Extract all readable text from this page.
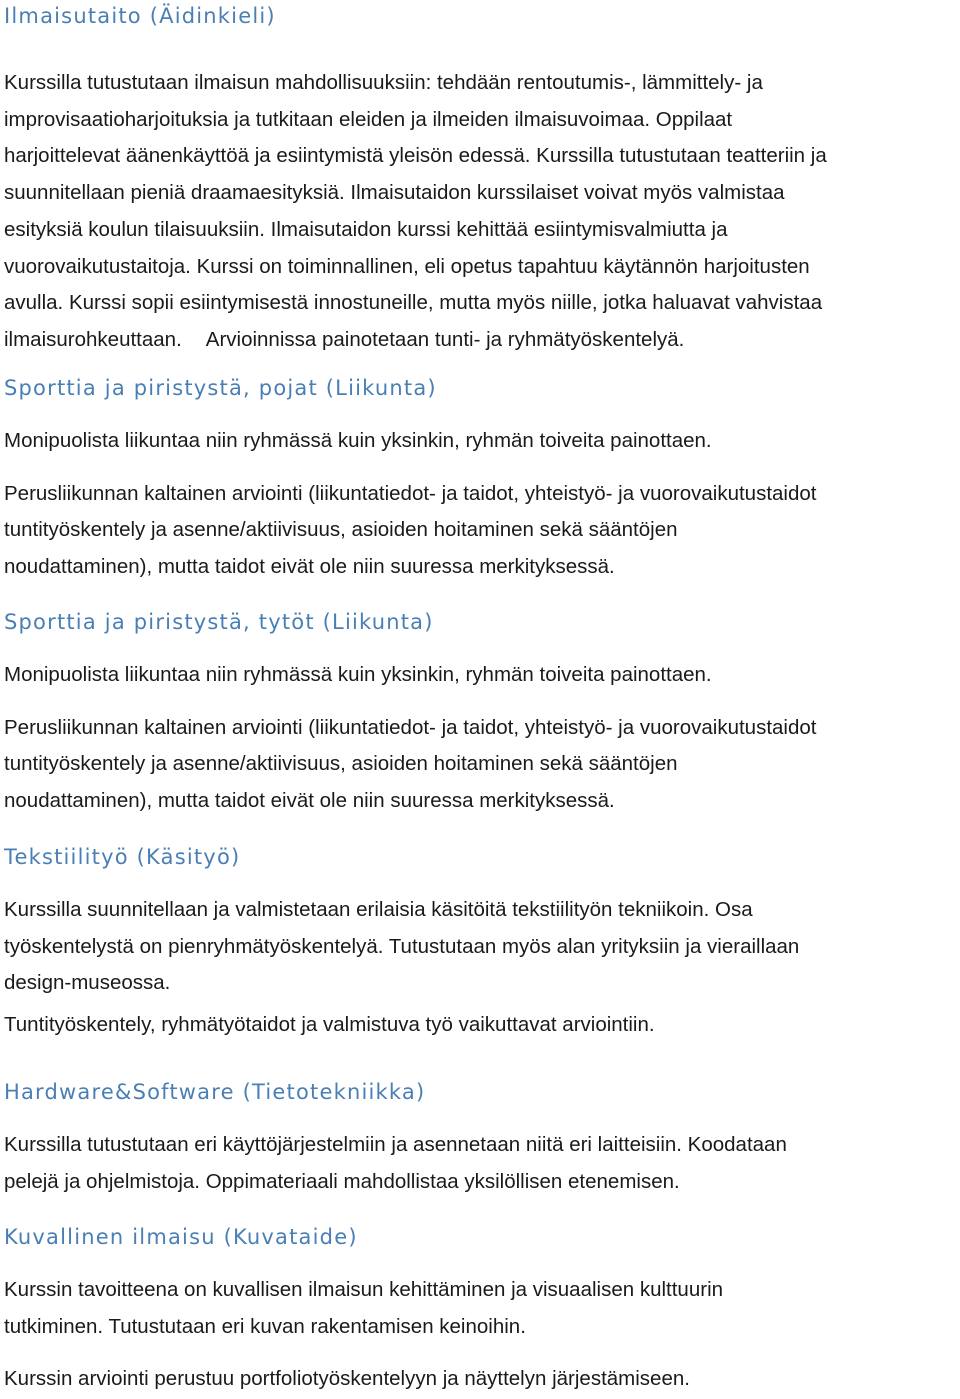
Ilmaisutaito (Äidinkieli)

Kurssilla tutustutaan ilmaisun mahdollisuuksiin: tehdään rentoutumis-, lämmittely- ja
improvisaatioharjoituksia ja tutkitaan eleiden ja ilmeiden ilmaisuvoimaa. Oppilaat
harjoittelevat äänenkäyttöä ja esiintymistä yleisön edessä. Kurssilla tutustutaan teatteriin ja
suunnitellaan pieniä draamaesityksiä. Ilmaisutaidon kurssilaiset voivat myös valmistaa
esityksiä koulun tilaisuuksiin. Ilmaisutaidon kurssi kehittää esiintymisvalmiutta ja
vuorovaikutustaitoja. Kurssi on toiminnallinen, eli opetus tapahtuu käytännön harjoitusten
avulla. Kurssi sopii esiintymisestä innostuneille, mutta myös niille, jotka haluavat vahvistaa
ilmaisurohkeuttaan. Arvioinnissa painotetaan tunti- ja ryhmätyöskentelyä.

Sporttia ja piristystä, pojat (Liikunta)

Monipuolista liikuntaa niin ryhmässä kuin yksinkin, ryhmän toiveita painottaen.

Perusliikunnan kaltainen arviointi (liikuntatiedot- ja taidot, yhteistyö- ja vuorovaikutustaidot
tuntityöskentely ja asenne/aktiivisuus, asioiden hoitaminen sekä sääntöjen
noudattaminen), mutta taidot eivät ole niin suuressa merkityksessä.

Sporttia ja piristystä, tytöt (Liikunta)

Monipuolista liikuntaa niin ryhmässä kuin yksinkin, ryhmän toiveita painottaen.

Perusliikunnan kaltainen arviointi (liikuntatiedot- ja taidot, yhteistyö- ja vuorovaikutustaidot
tuntityöskentely ja asenne/aktiivisuus, asioiden hoitaminen sekä sääntöjen
noudattaminen), mutta taidot eivät ole niin suuressa merkityksessä.

Tekstiilityö (Käsityö)

Kurssilla suunnitellaan ja valmistetaan erilaisia käsitöitä tekstiilityön tekniikoin. Osa
työskentelystä on pienryhmätyöskentelyä. Tutustutaan myös alan yrityksiin ja vieraillaan
design-museossa.

Tuntityöskentely, ryhmätyötaidot ja valmistuva työ vaikuttavat arviointiin.

Hardware&Software (Tietotekniikka)

Kurssilla tutustutaan eri käyttöjärjestelmiin ja asennetaan niitä eri laitteisiin. Koodataan
pelejä ja ohjelmistoja. Oppimateriaali mahdollistaa yksilöllisen etenemisen.

Kuvallinen ilmaisu (Kuvataide)

Kurssin tavoitteena on kuvallisen ilmaisun kehittäminen ja visuaalisen kulttuurin
tutkiminen. Tutustutaan eri kuvan rakentamisen keinoihin.

Kurssin arviointi perustuu portfoliotyöskentelyyn ja näyttelyn järjestämiseen.
